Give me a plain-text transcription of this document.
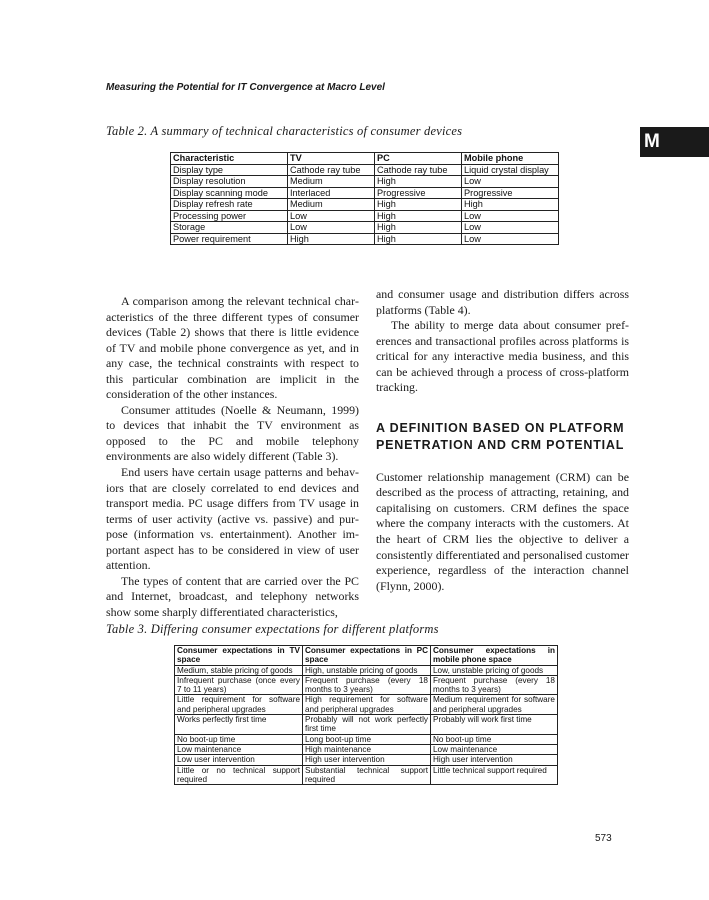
Measuring the Potential for IT Convergence at Macro Level
M
Table 2. A summary of technical characteristics of consumer devices
Characteristic	TV	PC	Mobile phone
Display type	Cathode ray tube	Cathode ray tube	Liquid crystal display
Display resolution	Medium	High	Low
Display scanning mode	Interlaced	Progressive	Progressive
Display refresh rate	Medium	High	High
Processing power	Low	High	Low
Storage	Low	High	Low
Power requirement	High	High	Low

A comparison among the relevant technical characteristics of the three different types of consumer devices (Table 2) shows that there is little evidence of TV and mobile phone convergence as yet, and in any case, the technical constraints with respect to this particular combination are implicit in the consideration of the other instances.

Consumer attitudes (Noelle & Neumann, 1999) to devices that inhabit the TV environment as opposed to the PC and mobile telephony environments are also widely different (Table 3).

End users have certain usage patterns and behaviors that are closely correlated to end devices and transport media. PC usage differs from TV usage in terms of user activity (active vs. passive) and purpose (information vs. entertainment). Another important aspect has to be considered in view of user attention.

The types of content that are carried over the PC and Internet, broadcast, and telephony networks show some sharply differentiated characteristics,

and consumer usage and distribution differs across platforms (Table 4).

The ability to merge data about consumer preferences and transactional profiles across platforms is critical for any interactive media business, and this can be achieved through a process of cross-platform tracking.

A DEFINITION BASED ON PLATFORM PENETRATION AND CRM POTENTIAL

Customer relationship management (CRM) can be described as the process of attracting, retaining, and capitalising on customers. CRM defines the space where the company interacts with the customers. At the heart of CRM lies the objective to deliver a consistently differentiated and personalised customer experience, regardless of the interaction channel (Flynn, 2000).

Table 3. Differing consumer expectations for different platforms
Consumer expectations in TV space	Consumer expectations in PC space	Consumer expectations in mobile phone space
Medium, stable pricing of goods	High, unstable pricing of goods	Low, unstable pricing of goods
Infrequent purchase (once every 7 to 11 years)	Frequent purchase (every 18 months to 3 years)	Frequent purchase (every 18 months to 3 years)
Little requirement for software and peripheral upgrades	High requirement for software and peripheral upgrades	Medium requirement for software and peripheral upgrades
Works perfectly first time	Probably will not work perfectly first time	Probably will work first time
No boot-up time	Long boot-up time	No boot-up time
Low maintenance	High maintenance	Low maintenance
Low user intervention	High user intervention	High user intervention
Little or no technical support required	Substantial technical support required	Little technical support required
573
